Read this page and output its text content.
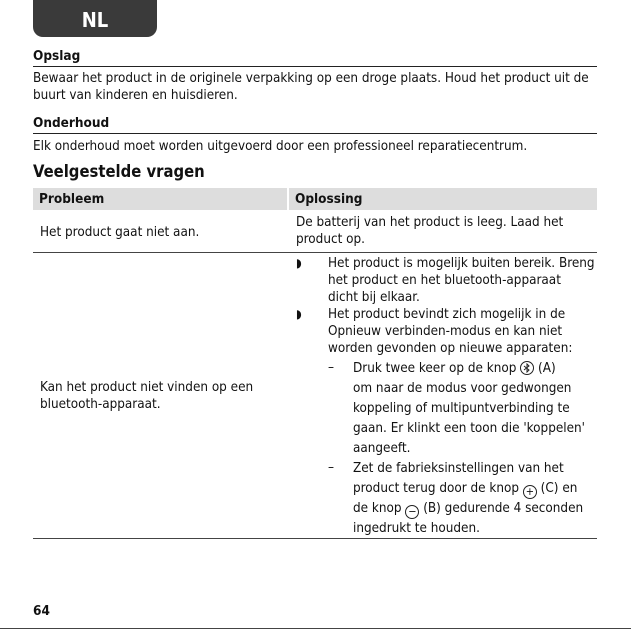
NL
Opslag
Bewaar het product in de originele verpakking op een droge plaats. Houd het product uit de
buurt van kinderen en huisdieren.
Onderhoud
Elk onderhoud moet worden uitgevoerd door een professioneel reparatiecentrum.
Veelgestelde vragen
Probleem	Oplossing
Het product gaat niet aan.
De batterij van het product is leeg. Laad het
product op.
Kan het product niet vinden op een
bluetooth-apparaat.
◗ Het product is mogelijk buiten bereik. Breng
het product en het bluetooth-apparaat
dicht bij elkaar.
◗ Het product bevindt zich mogelijk in de
Opnieuw verbinden-modus en kan niet
worden gevonden op nieuwe apparaten:
– Druk twee keer op de knop (A)
om naar de modus voor gedwongen
koppeling of multipuntverbinding te
gaan. Er klinkt een toon die 'koppelen'
aangeeft.
– Zet de fabrieksinstellingen van het
product terug door de knop + (C) en
de knop − (B) gedurende 4 seconden
ingedrukt te houden.
64
